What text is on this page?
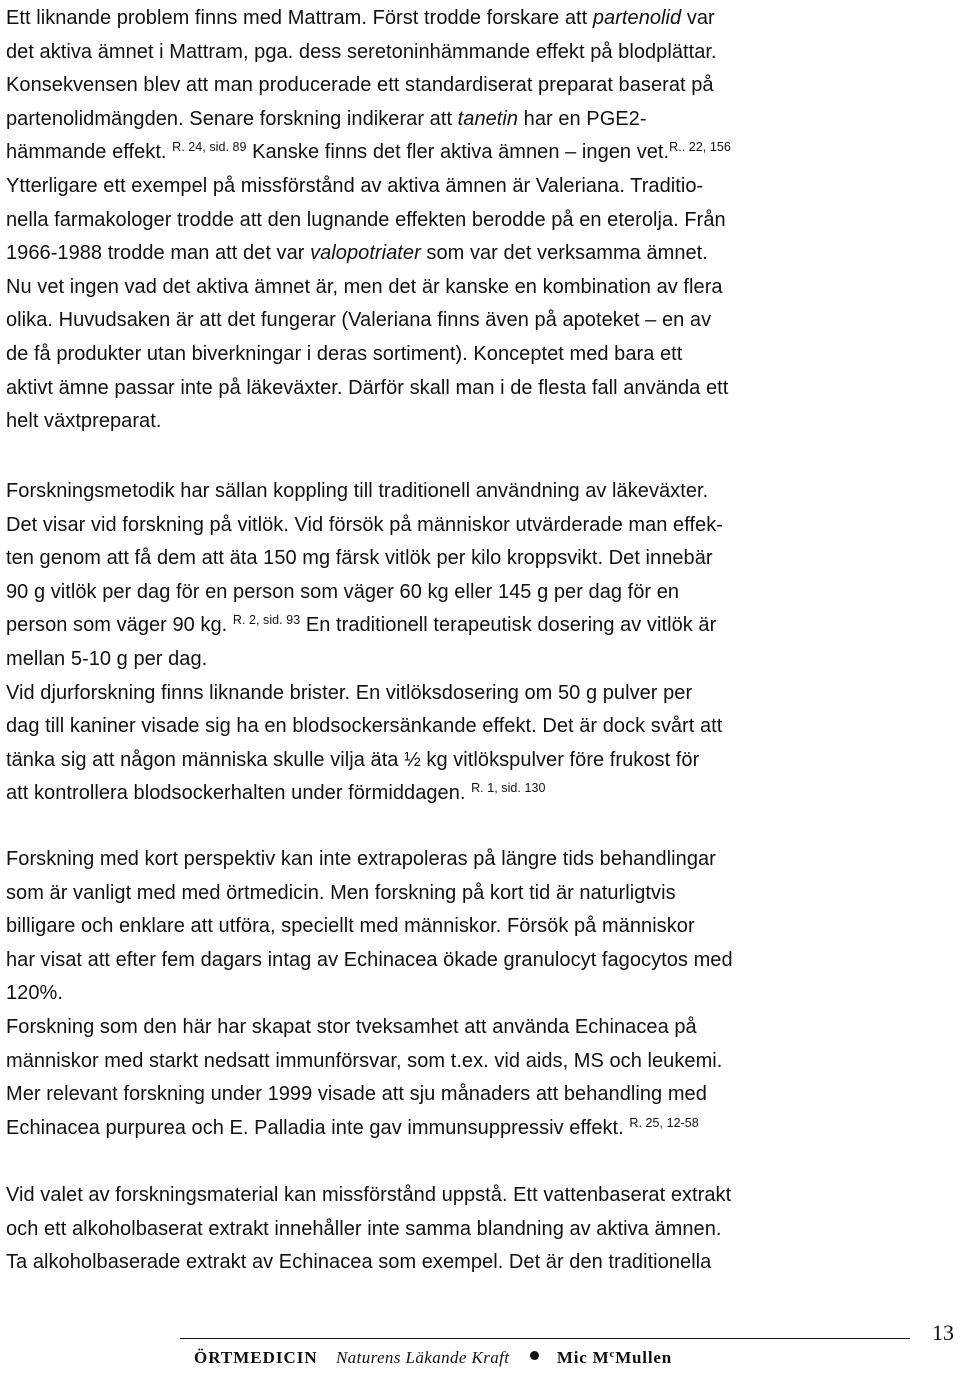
Ett liknande problem finns med Mattram. Först trodde forskare att partenolid var
det aktiva ämnet i Mattram, pga. dess seretoninhämmande effekt på blodplättar.
Konsekvensen blev att man producerade ett standardiserat preparat baserat på
partenolidmängden. Senare forskning indikerar att tanetin har en PGE2-
hämmande effekt. $^{R. 24, sid. 89}$ Kanske finns det fler aktiva ämnen – ingen vet.$^{R.. 22, 156}$
Ytterligare ett exempel på missförstånd av aktiva ämnen är Valeriana. Traditio-
nella farmakologer trodde att den lugnande effekten berodde på en eterolja. Från
1966-1988 trodde man att det var valopotriater som var det verksamma ämnet.
Nu vet ingen vad det aktiva ämnet är, men det är kanske en kombination av flera
olika. Huvudsaken är att det fungerar (Valeriana finns även på apoteket – en av
de få produkter utan biverkningar i deras sortiment). Konceptet med bara ett
aktivt ämne passar inte på läkeväxter. Därför skall man i de flesta fall använda ett
helt växtpreparat.
Forskningsmetodik har sällan koppling till traditionell användning av läkeväxter.
Det visar vid forskning på vitlök. Vid försök på människor utvärderade man effek-
ten genom att få dem att äta 150 mg färsk vitlök per kilo kroppsvikt. Det innebär
90 g vitlök per dag för en person som väger 60 kg eller 145 g per dag för en
person som väger 90 kg. $^{R. 2, sid. 93}$ En traditionell terapeutisk dosering av vitlök är
mellan 5-10 g per dag.
Vid djurforskning finns liknande brister. En vitlöksdosering om 50 g pulver per
dag till kaniner visade sig ha en blodsockersänkande effekt. Det är dock svårt att
tänka sig att någon människa skulle vilja äta ½ kg vitlökspulver före frukost för
att kontrollera blodsockerhalten under förmiddagen. $^{R. 1, sid. 130}$
Forskning med kort perspektiv kan inte extrapoleras på längre tids behandlingar
som är vanligt med med örtmedicin. Men forskning på kort tid är naturligtvis
billigare och enklare att utföra, speciellt med människor. Försök på människor
har visat att efter fem dagars intag av Echinacea ökade granulocyt fagocytos med
120%.
Forskning som den här har skapat stor tveksamhet att använda Echinacea på
människor med starkt nedsatt immunförsvar, som t.ex. vid aids, MS och leukemi.
Mer relevant forskning under 1999 visade att sju månaders att behandling med
Echinacea purpurea och E. Palladia inte gav immunsuppressiv effekt. $^{R. 25, 12-58}$
Vid valet av forskningsmaterial kan missförstånd uppstå. Ett vattenbaserat extrakt
och ett alkoholbaserat extrakt innehåller inte samma blandning av aktiva ämnen.
Ta alkoholbaserade extrakt av Echinacea som exempel. Det är den traditionella
13
ÖRTMEDICIN Naturens Läkande Kraft	Mic $M^cMullen$
